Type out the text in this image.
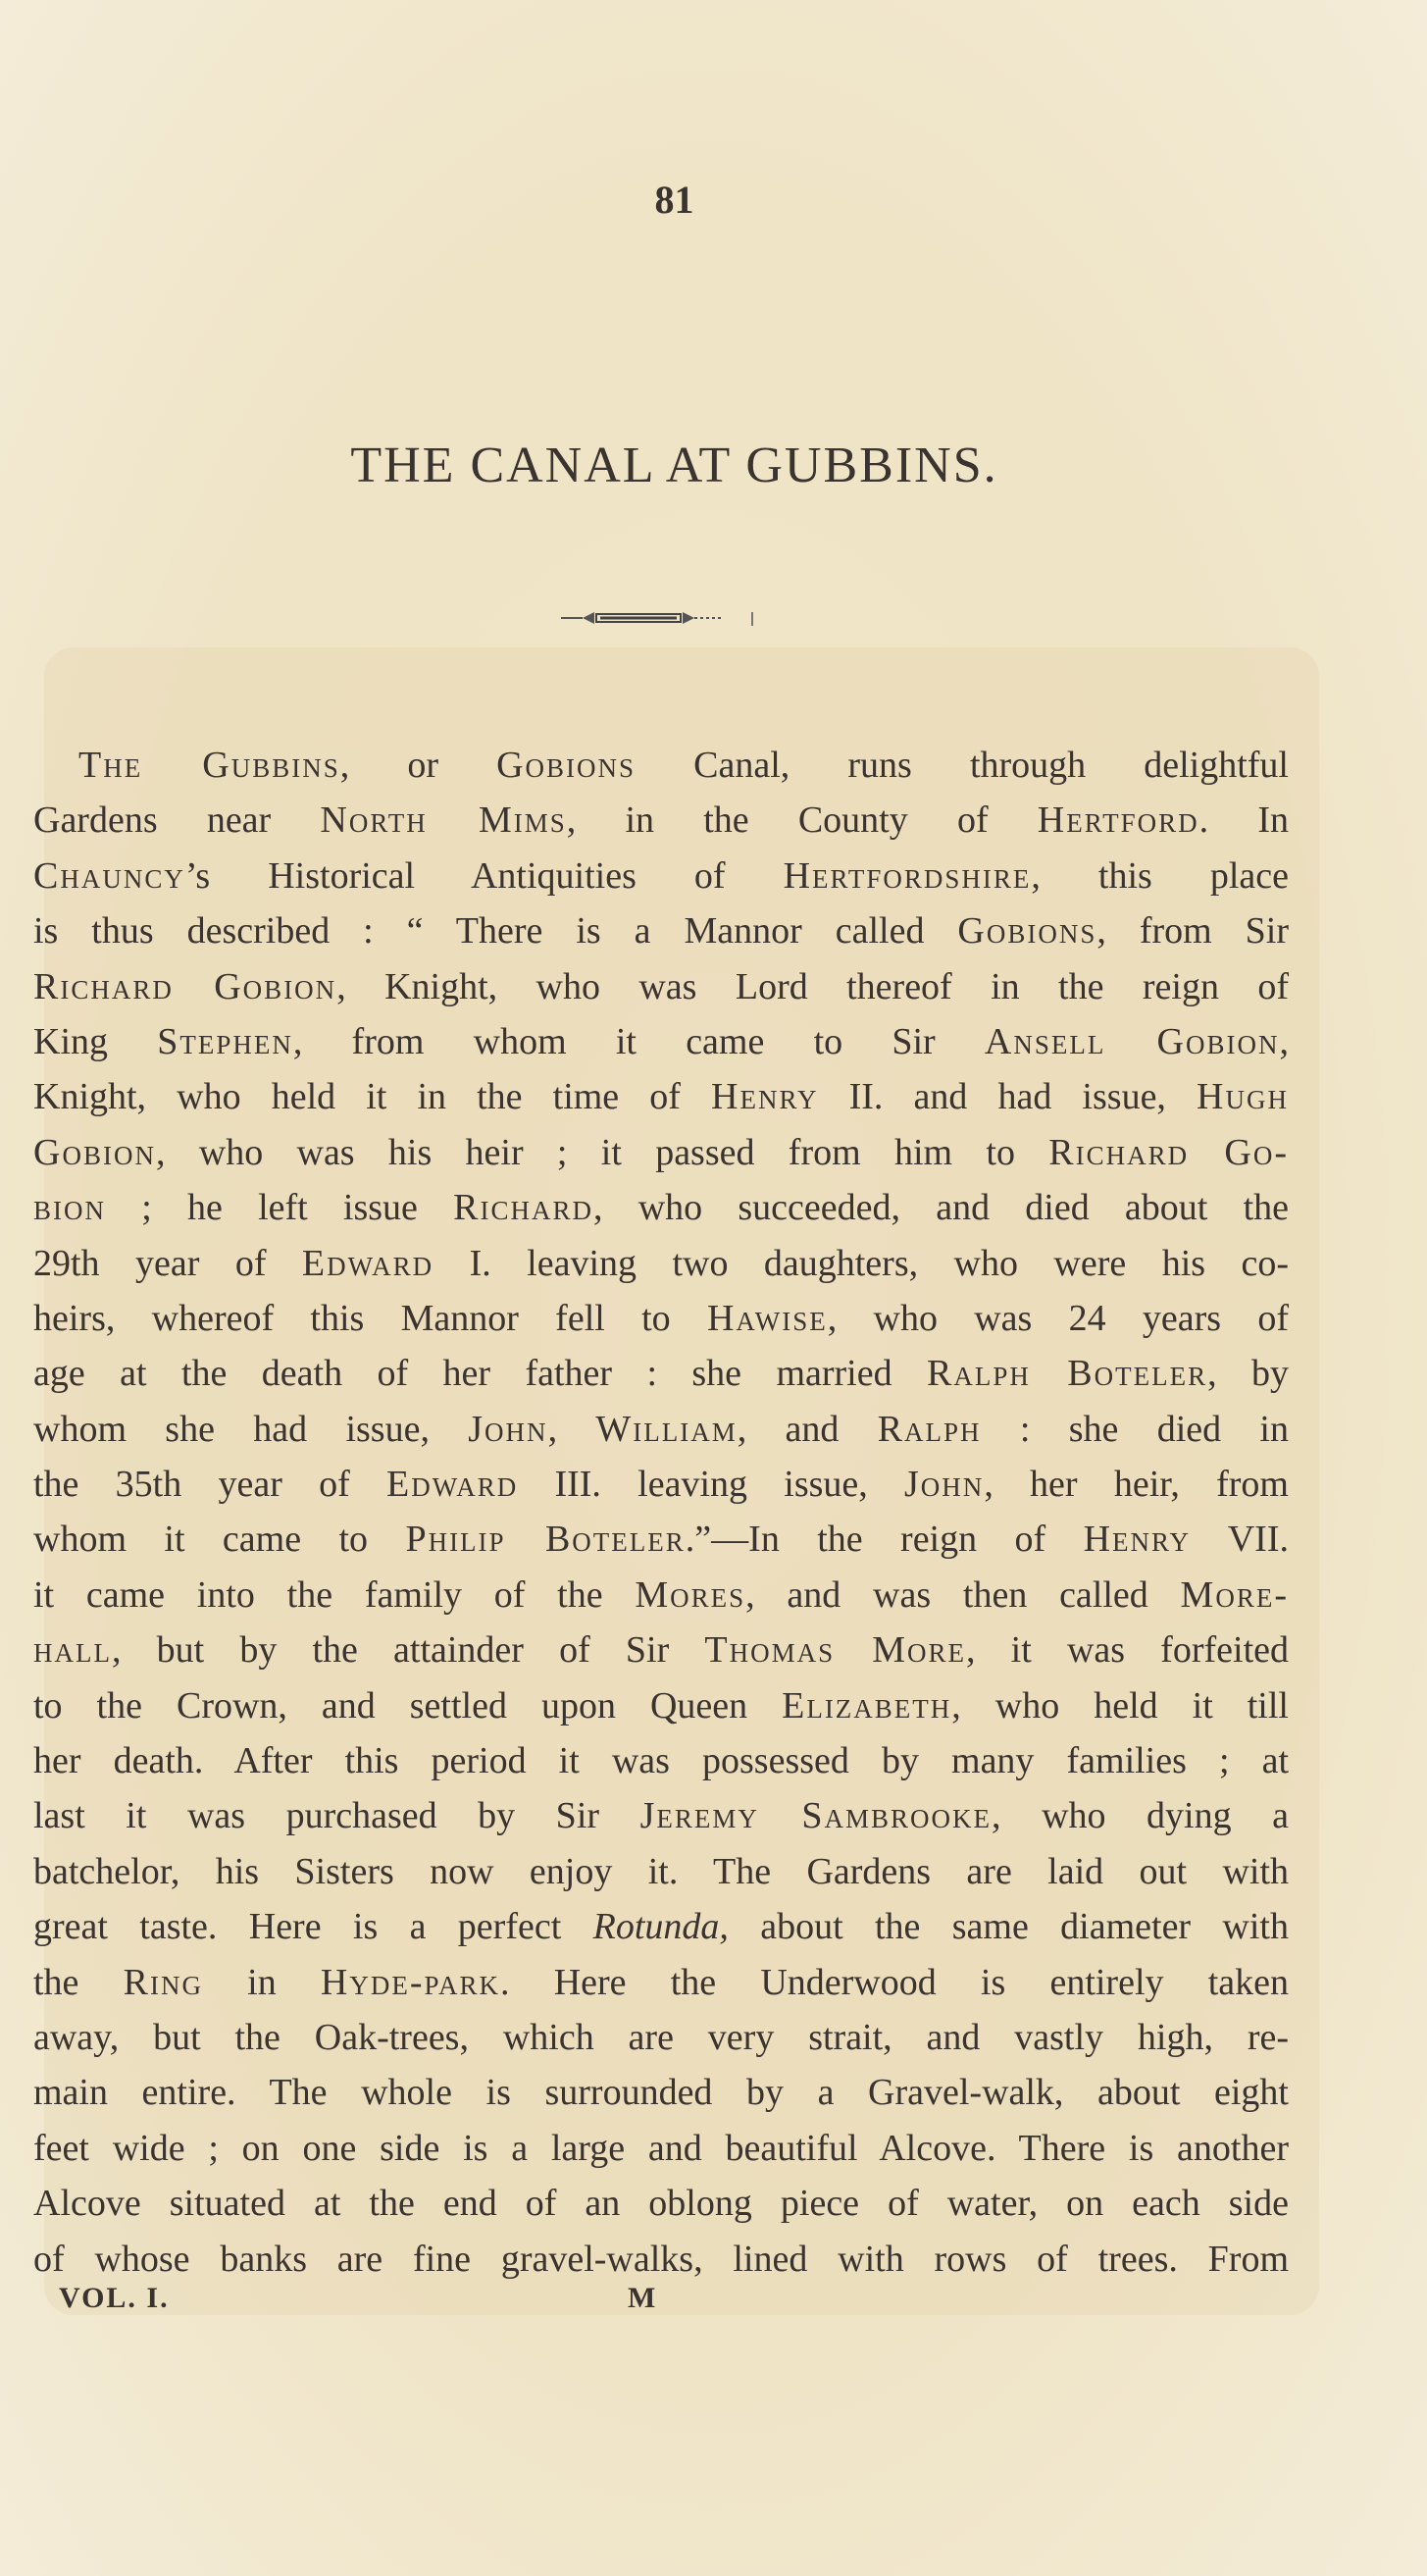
81
THE CANAL AT GUBBINS.
The Gubbins, or Gobions Canal, runs through delightful
Gardens near North Mims, in the County of Hertford. In
Chauncy’s Historical Antiquities of Hertfordshire, this place
is thus described : “ There is a Mannor called Gobions, from Sir
Richard Gobion, Knight, who was Lord thereof in the reign of
King Stephen, from whom it came to Sir Ansell Gobion,
Knight, who held it in the time of Henry II. and had issue, Hugh
Gobion, who was his heir ; it passed from him to Richard Go-
bion ; he left issue Richard, who succeeded, and died about the
29th year of Edward I. leaving two daughters, who were his co-
heirs, whereof this Mannor fell to Hawise, who was 24 years of
age at the death of her father : she married Ralph Boteler, by
whom she had issue, John, William, and Ralph : she died in
the 35th year of Edward III. leaving issue, John, her heir, from
whom it came to Philip Boteler.”—In the reign of Henry VII.
it came into the family of the Mores, and was then called More-
hall, but by the attainder of Sir Thomas More, it was forfeited
to the Crown, and settled upon Queen Elizabeth, who held it till
her death. After this period it was possessed by many families ; at
last it was purchased by Sir Jeremy Sambrooke, who dying a
batchelor, his Sisters now enjoy it. The Gardens are laid out with
great taste. Here is a perfect Rotunda, about the same diameter with
the Ring in Hyde-park. Here the Underwood is entirely taken
away, but the Oak-trees, which are very strait, and vastly high, re-
main entire. The whole is surrounded by a Gravel-walk, about eight
feet wide ; on one side is a large and beautiful Alcove. There is another
Alcove situated at the end of an oblong piece of water, on each side
of whose banks are fine gravel-walks, lined with rows of trees. From
VOL. I.	M
